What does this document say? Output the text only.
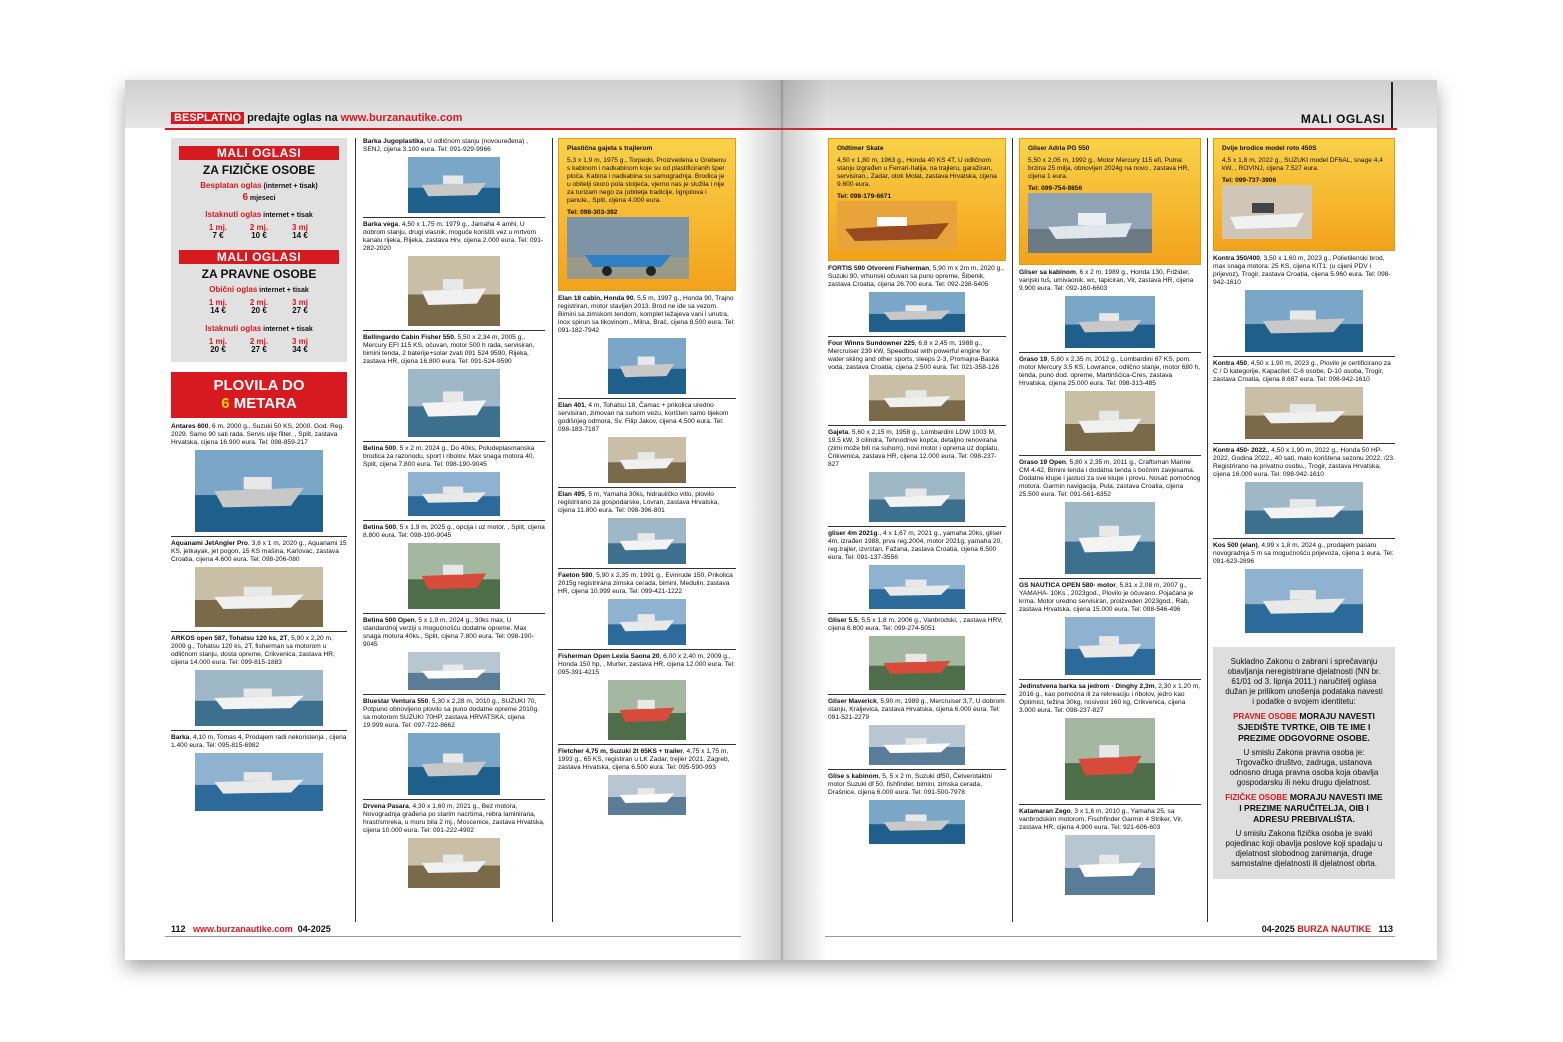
BESPLATNO predajte oglas na www.burzanautike.com	MALI OGLASI
MALI OGLASI
ZA FIZIČKE OSOBE
Besplatan oglas (internet + tisak)
6 mjeseci
Istaknuti oglas internet + tisak
1 mj.	2 mj.	3 mj
7 €	10 €	14 €
MALI OGLASI
ZA PRAVNE OSOBE
Obični oglas internet + tisak
1 mj.	2 mj.	3 mj
14 €	20 €	27 €
Istaknuti oglas internet + tisak
1 mj.	2 mj.	3 mj
20 €	27 €	34 €
PLOVILA DO
6 METARA
Antares 600, 6 m, 2000 g., Suzuki 50 KS, 2000. God. Reg. 2029. Samo 90 sati rada. Servis ulje filter. , Split, zastava Hrvatska, cijena 16.900 eura. Tel: 098-859-217
Aquanami JetAngler Pro, 3,8 x 1 m, 2020 g., Aquanami 15 KS, jetkayak, jet pogon, 15 KS mašina, Karlovac, zastava Croatia, cijena 4.600 eura. Tel: 098-206-080
ARKOS open 587, Tohatsu 120 ks, 2T, 5,90 x 2,20 m, 2009 g., Tohatsu 120 ks, 2T, fisherman sa motorom u odličnom stanju, dosta opreme, Crikvenica, zastava HR, cijena 14.000 eura. Tel: 099-815-1883
Barka, 4,10 m, Tomas 4, Prodajem radi nekoristenja , cijena 1.400 eura. Tel: 095-815-6982
Barka Jugoplastika, U odličnom stanju (novouređena) , SENJ, cijena 3.100 eura. Tel: 091-929-9966
Barka vega, 4,50 x 1,75 m, 1979 g., Jamaha 4 amhi, U dobrom stanju, drugi vlasnik, moguće koristiti vez u mrtvom kanalu rijeka, Rijeka, zastava Hrv, cijena 2.000 eura. Tel: 091-282-2020
Bellingardo Cabin Fisher 550, 5,50 x 2,34 m, 2005 g., Mercury EFI 115 KS, očuvan, motor 500 h rada, servisiran, bimini tenda, 2 baterije+solar zvati 091 524 9590, Rijeka, zastava HR, cijena 16.800 eura. Tel: 091-524-9590
Betina 500, 5 x 2 m, 2024 g., Do 40ks, Poludeplasmanska brodica za razonodu, sport i ribolov. Max snaga motora 40, Split, cijena 7.800 eura. Tel: 098-190-9045
Betina 500, 5 x 1,9 m, 2025 g., opcija i uz motor. , Split, cijena 8.800 eura. Tel: 098-190-9045
Betina 500 Open, 5 x 1,9 m, 2024 g., 30ks max, U standardnoj verziji s mogućnošću dodatne opreme. Max snaga motora 40ks., Split, cijena 7.800 eura. Tel: 098-190-9045
Bluestar Ventura 550, 5,30 x 2,28 m, 2010 g., SUZUKI 70, Potpuno obnovljeno plovilo sa puno dodatne opreme 2010g. sa motorom SUZUKI 70HP, zastava HRVATSKA, cijena 19.999 eura. Tel: 097-722-8662
Drvena Pasara, 4,30 x 1,60 m, 2021 g., Bez motora, Novogradnja građena po starim nacrtima, rebra laminirana, hrast/smreka, u moru bila 2 mj., Moscenice, zastava Hrvatska, cijena 10.000 eura. Tel: 091-222-4902
Plastična gajeta s trajlerom
5,3 x 1,9 m, 1975 g., Torpedo, Proizvedena u Grebenu s kabinom i nadkabinom koje su od plastificiranih šper ploča. Kabina i nadkabina su samogradnja. Brodica je u obitelji skoro pola stoljeća, vjerno nas je služila i nije za turizam nego za (ubitelja tradicije, lignjolova i panule., Split, cijena 4.000 eura.
Tel: 098-303-392
Elan 18 cabin, Honda 90, 5,5 m, 1997 g., Honda 90, Trajno registriran, motor stavljen 2013. Brod ne ide sa vezom. Bimini sa zimskom tendom, komplet ležajeva vani i unutra, inox spirun sa tikovinom., Milna, Brač, cijena 8.500 eura. Tel: 091-182-7942
Elan 401, 4 m, Tohatsu 18, Čamac + prikolica uredno servisiran, zimovan na suhom vezu, korišten samo tijekom godišnjeg odmora, Sv. Filip Jakov, cijena 4.500 eura. Tel: 098-183-7187
Elan 495, 5 m, Yamaha 30ks, hidrauličko vitlo, plovilo registrirano za gospodarske, Lovran, zastava Hrvatska, cijena 11.800 eura. Tel: 098-396-801
Faeton 590, 5,90 x 2,35 m, 1991 g., Evinrude 150, Prikolica 2015g registrirana zimska cerada, bimini, Medulin, zastava HR, cijena 10.999 eura. Tel: 099-421-1222
Fisherman Open Lexia Saona 20, 6,00 x 2,40 m, 2009 g., Honda 150 hp, , Murter, zastava HR, cijena 12.000 eura. Tel: 095-391-4215
Fletcher 4,75 m, Suzuki 2t 65KS + trailer, 4,75 x 1,75 m, 1993 g., 65 KS, registiran u LK Zadar, trejler 2021, Zagreb, zastava Hrvatska, cijena 6.500 eura. Tel: 095-590-993
Oldtimer Skate
4,50 x 1,80 m, 1963 g., Honda 40 KS 4T, U odličnom stanju izgrađen u Ferrari-Italija, na trajleru, garažiran, servisiran., Zadar, otok Molat, zastava Hrvatska, cijena 9.600 eura.
Tel: 098-179-6671
FORTIS 590 Otvoreni Fisherman, 5,90 m x 2m m, 2020 g., Suzuki 90, vrhunski očuvan sa puno opreme, Šibenik, zastava Croatia, cijena 26.700 eura. Tel: 092-238-5405
Four Winns Sundowner 225, 6,8 x 2,45 m, 1988 g., Mercruiser 239 kW, Speedboat with powerful engine for water skiing and other sports, sleeps 2-3, Promajna-Baska voda, zastava Croatia, cijena 2.500 eura. Tel: 021-358-126
Gajeta, 5,60 x 2,15 m, 1958 g., Lombardini LDW 1003 M, 19.5 kW, 3 cilindra, Tehnodrive kopča, detaljno renovirana (zimi može biti na suhom), novi motor i oprema uz doplatu, Crikvenica, zastava HR, cijena 12.000 eura. Tel: 098-237-827
gliser 4m 2021g., 4 x 1,67 m, 2021 g., yamaha 20ks, gliser 4m, izrađen 1988, prva reg.2004, motor 2021g, yamaha 20, reg.trajler, izvrstan, Fažana, zastava Croatia, cijena 6.500 eura. Tel: 091-137-3556
Gliser 5.5, 5,5 x 1,8 m, 2006 g., Vanbrodski, , zastava HRV, cijena 6.800 eura. Tel: 099-274-5051
Gliser Maverick, 5,90 m, 1989 g., Mercruiser 3,7, U dobrom stanju, Kraljevica, zastava Hrvatska, cijena 6.000 eura. Tel: 091-521-2279
Glise s kabinom, 5, 5 x 2 m, Suzuki df50, Četverotaktni motor Suzuki df 50, fishfinder, bimini, zimska cerada, Drašnice, cijena 6.000 eura. Tel: 091-500-7978
Gliser Adria PG 550
5,50 x 2,05 m, 1992 g., Motor Mercury 115 efi, Putna brzina 25 milja, obnovljen 2024g na novo , zastava HR, cijena 1 eura.
Tel: 099-754-9856
Gliser sa kabinom, 6 x 2 m, 1989 g., Honda 130, Frižider, vanjski tuš, umivaonik, wc, tapiciran, Vir, zastava HR, cijena 9.900 eura. Tel: 092-160-6603
Graso 19, 5,80 x 2,35 m, 2012 g., Lombardini 87 KS, pom. motor Mercury 3,5 KS, Lowrance, odlično stanje, motor 680 h, tenda, puno dod. opreme, Martinšćica-Cres, zastava Hrvatska, cijena 25.000 eura. Tel: 098-313-485
Graso 19 Open, 5,80 x 2,35 m, 2011 g., Craftsman Marine CM 4.42, Bimini tenda i dodatna tenda s bočnim zavjesama. Dodatne klupe i jastuci za sve klupe i provu. Nosač pomoćnog motora. Garmin navigacija, Pula, zastava Croatia, cijena 25.500 eura. Tel: 091-561-6352
GS NAUTICA OPEN 580- motor, 5,81 x 2,08 m, 2007 g., YAMAHA- 10Ks , 2023god., Plovilo je očuvano. Pojačana je krma. Motor uredno servisiran, proizveden 2023god., Rab, zastava Hrvatska, cijena 15.000 eura. Tel: 098-546-496
Jedinstvena barka sa jedrom - Dinghy 2,3m, 2,30 x 1,20 m, 2016 g., kao pomoćna ili za rekreaciju i ribolov, jedro kao Optimist, težina 30kg, nosivost 160 kg, Crikvenica, cijena 3.000 eura. Tel: 098-237-827
Katamaran Zego, 3 x 1,6 m, 2010 g., Yamaha 25, sa vanbrodskim motorom, Fischfinder Garmin 4 Striker, Vir, zastava HR, cijena 4.900 eura. Tel: 921-606-603
Dvije brodice model roto 450S
4,5 x 1,8 m, 2022 g., SUZUKI model DF6AL, snage 4,4 kW, , ROVINJ, cijena 7.527 eura.
Tel: 099-737-3906
Kontra 350/400, 3,50 x 1,60 m, 2023 g., Polietilenski brod, max snaga motora: 25 KS, cijena KIT1: (u cijeni PDV i prijevoz), Trogir, zastava Croatia, cijena 5.960 eura. Tel: 098-942-1610
Kontra 450, 4,50 x 1,90 m, 2023 g., Plovilo je certificirano za C / D kategorije, Kapacitet: C-6 osobe, D-10 osoba, Trogir, zastava Croatia, cijena 8.687 eura. Tel: 098-942-1610
Kontra 450- 2022., 4,50 x 1,90 m, 2022 g., Honda 50 HP- 2022, Godina 2022., 40 sati, malo korištena sezonu 2022. /23. Registrirano na privatnu osobu., Trogir, zastava Hrvatska, cijena 16.000 eura. Tel: 098-942-1610
Kos 500 (elan), 4,99 x 1,8 m, 2024 g., prodajem pasaru novogradnja 5 m sa mogućnošću prijevoza, cijena 1 eura. Tel: 091-623-2896
Sukladno Zakonu o zabrani i sprečavanju obavljanja neregistrirane djelatnosti (NN br. 61/01 od 3. lipnja 2011.) naručitelj oglasa dužan je prilikom unošenja podataka navesti i podatke o svojem identitetu:
PRAVNE OSOBE MORAJU NAVESTI SJEDIŠTE TVRTKE, OIB TE IME I PREZIME ODGOVORNE OSOBE.
U smislu Zakona pravna osoba je: Trgovačko društvo, zadruga, ustanova odnosno druga pravna osoba koja obavlja gospodarsku ili neku drugu djelatnost.
FIZIČKE OSOBE MORAJU NAVESTI IME I PREZIME NARUČITELJA, OIB I ADRESU PREBIVALIŠTA.
U smislu Zakona fizička osoba je svaki pojedinac koji obavlja poslove koji spadaju u djelatnost slobodnog zanimanja, druge samostalne djelatnosti ili djelatnost obrta.
112 www.burzanautike.com 04-2025	04-2025 BURZA NAUTIKE 113
